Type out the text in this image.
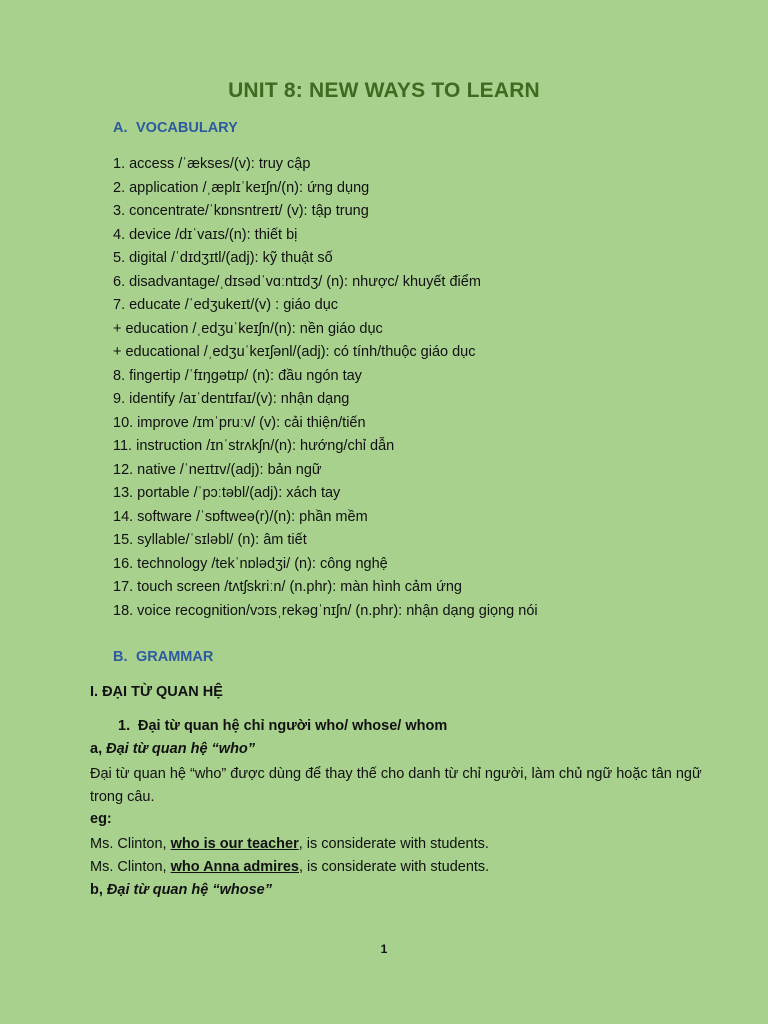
UNIT 8: NEW WAYS TO LEARN
A. VOCABULARY
1. access /ˈækses/(v): truy cập
2. application /ˌæplɪˈkeɪʃn/(n): ứng dụng
3. concentrate/ˈkɒnsntreɪt/ (v): tập trung
4. device /dɪˈvaɪs/(n): thiết bị
5. digital /ˈdɪdʒɪtl/(adj): kỹ thuật số
6. disadvantage/ˌdɪsədˈvɑːntɪdʒ/ (n): nhược/ khuyết điểm
7. educate /ˈedʒukeɪt/(v) : giáo dục
+ education /ˌedʒuˈkeɪʃn/(n): nền giáo dục
+ educational /ˌedʒuˈkeɪʃənl/(adj): có tính/thuộc giáo dục
8. fingertip /ˈfɪŋɡətɪp/ (n): đầu ngón tay
9. identify /aɪˈdentɪfaɪ/(v): nhận dạng
10. improve /ɪmˈpruːv/ (v): cải thiện/tiến
11. instruction /ɪnˈstrʌkʃn/(n): hướng/chỉ dẫn
12. native /ˈneɪtɪv/(adj): bản ngữ
13. portable /ˈpɔːtəbl/(adj): xách tay
14. software /ˈsɒftweə(r)/(n): phần mềm
15. syllable/ˈsɪləbl/ (n): âm tiết
16. technology /tekˈnɒlədʒi/ (n): công nghệ
17. touch screen /tʌtʃskriːn/ (n.phr): màn hình cảm ứng
18. voice recognition/vɔɪsˌrekəɡˈnɪʃn/ (n.phr): nhận dạng giọng nói
B. GRAMMAR
I. ĐẠI TỪ QUAN HỆ
1. Đại từ quan hệ chỉ người who/ whose/ whom
a, Đại từ quan hệ “who”
Đại từ quan hệ “who” được dùng để thay thế cho danh từ chỉ người, làm chủ ngữ hoặc tân ngữ trong câu.
eg:
Ms. Clinton, who is our teacher, is considerate with students.
Ms. Clinton, who Anna admires, is considerate with students.
b, Đại từ quan hệ “whose”
1
